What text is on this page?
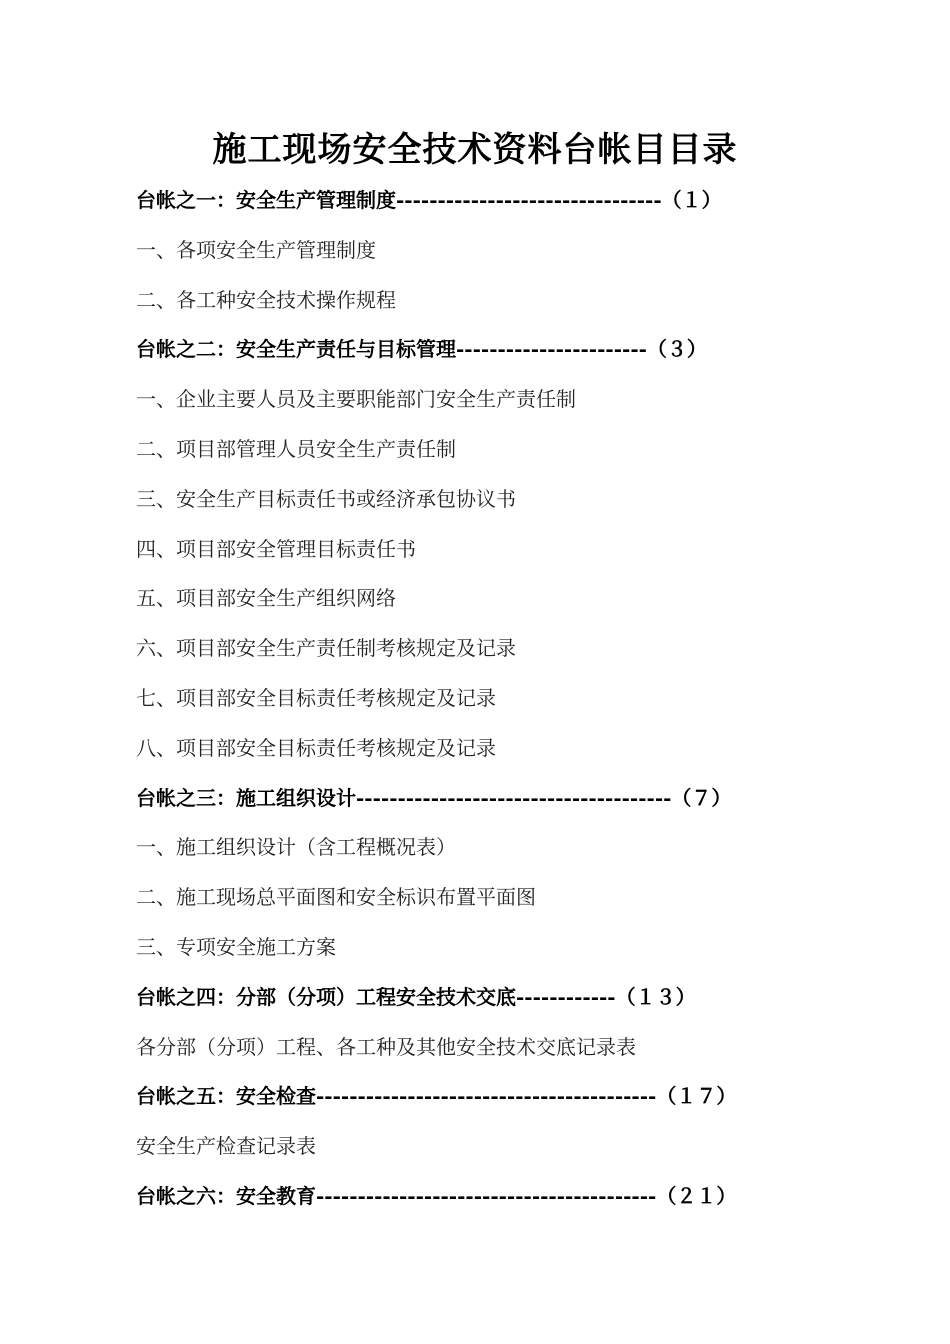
施工现场安全技术资料台帐目目录
台帐之一：安全生产管理制度--------------------------------（１）
一、各项安全生产管理制度
二、各工种安全技术操作规程
台帐之二：安全生产责任与目标管理-----------------------（３）
一、企业主要人员及主要职能部门安全生产责任制
二、项目部管理人员安全生产责任制
三、安全生产目标责任书或经济承包协议书
四、项目部安全管理目标责任书
五、项目部安全生产组织网络
六、项目部安全生产责任制考核规定及记录
七、项目部安全目标责任考核规定及记录
八、项目部安全目标责任考核规定及记录
台帐之三：施工组织设计--------------------------------------（７）
一、施工组织设计（含工程概况表）
二、施工现场总平面图和安全标识布置平面图
三、专项安全施工方案
台帐之四：分部（分项）工程安全技术交底------------（１３）
各分部（分项）工程、各工种及其他安全技术交底记录表
台帐之五：安全检查-----------------------------------------（１７）
安全生产检查记录表
台帐之六：安全教育-----------------------------------------（２１）
